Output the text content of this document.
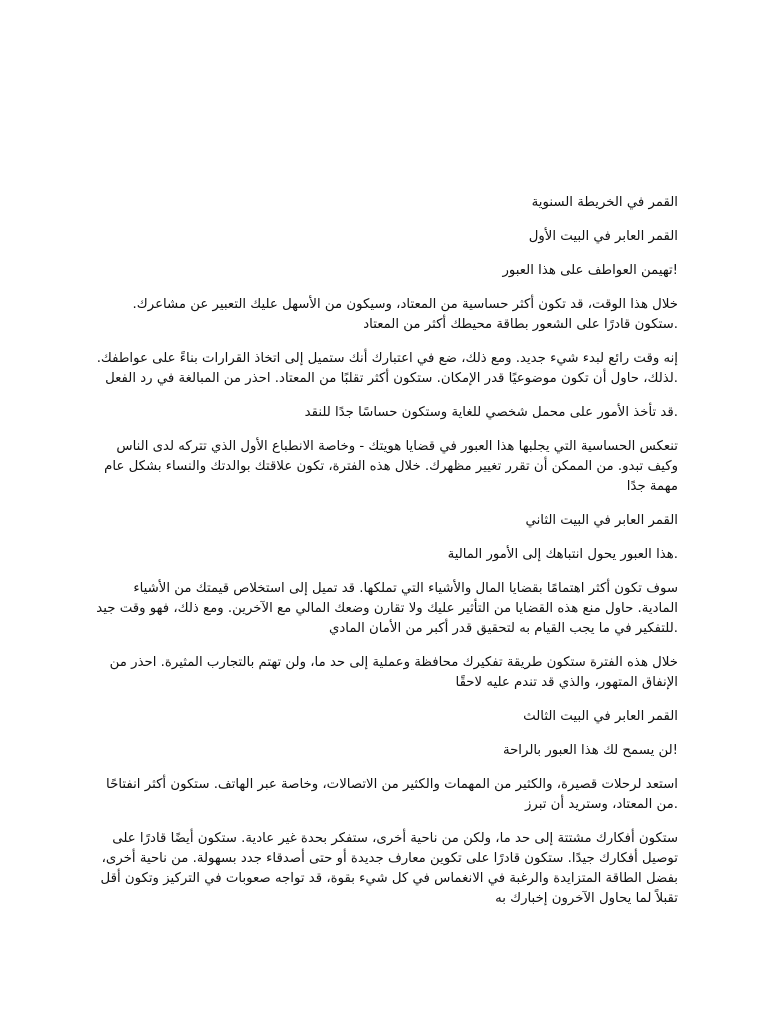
القمر في الخريطة السنوية

القمر العابر في البيت الأول

!تهيمن العواطف على هذا العبور

خلال هذا الوقت، قد تكون أكثر حساسية من المعتاد، وسيكون من الأسهل عليك التعبير عن مشاعرك.
.ستكون قادرًا على الشعور بطاقة محيطك أكثر من المعتاد

إنه وقت رائع لبدء شيء جديد. ومع ذلك، ضع في اعتبارك أنك ستميل إلى اتخاذ القرارات بناءً على عواطفك.
.لذلك، حاول أن تكون موضوعيًا قدر الإمكان. ستكون أكثر تقلبًا من المعتاد. احذر من المبالغة في رد الفعل

.قد تأخذ الأمور على محمل شخصي للغاية وستكون حساسًا جدًا للنقد

تنعكس الحساسية التي يجلبها هذا العبور في قضايا هويتك - وخاصة الانطباع الأول الذي تتركه لدى الناس
وكيف تبدو. من الممكن أن تقرر تغيير مظهرك. خلال هذه الفترة، تكون علاقتك بوالدتك والنساء بشكل عام
مهمة جدًا

القمر العابر في البيت الثاني

.هذا العبور يحول انتباهك إلى الأمور المالية

سوف تكون أكثر اهتمامًا بقضايا المال والأشياء التي تملكها. قد تميل إلى استخلاص قيمتك من الأشياء
المادية. حاول منع هذه القضايا من التأثير عليك ولا تقارن وضعك المالي مع الآخرين. ومع ذلك، فهو وقت جيد
.للتفكير في ما يجب القيام به لتحقيق قدر أكبر من الأمان المادي

خلال هذه الفترة ستكون طريقة تفكيرك محافظة وعملية إلى حد ما، ولن تهتم بالتجارب المثيرة. احذر من
الإنفاق المتهور، والذي قد تندم عليه لاحقًا

القمر العابر في البيت الثالث

!لن يسمح لك هذا العبور بالراحة

استعد لرحلات قصيرة، والكثير من المهمات والكثير من الاتصالات، وخاصة عبر الهاتف. ستكون أكثر انفتاحًا
.من المعتاد، وستريد أن تبرز

ستكون أفكارك مشتتة إلى حد ما، ولكن من ناحية أخرى، ستفكر بحدة غير عادية. ستكون أيضًا قادرًا على
توصيل أفكارك جيدًا. ستكون قادرًا على تكوين معارف جديدة أو حتى أصدقاء جدد بسهولة. من ناحية أخرى،
بفضل الطاقة المتزايدة والرغبة في الانغماس في كل شيء بقوة، قد تواجه صعوبات في التركيز وتكون أقل
تقبلاً لما يحاول الآخرون إخبارك به
